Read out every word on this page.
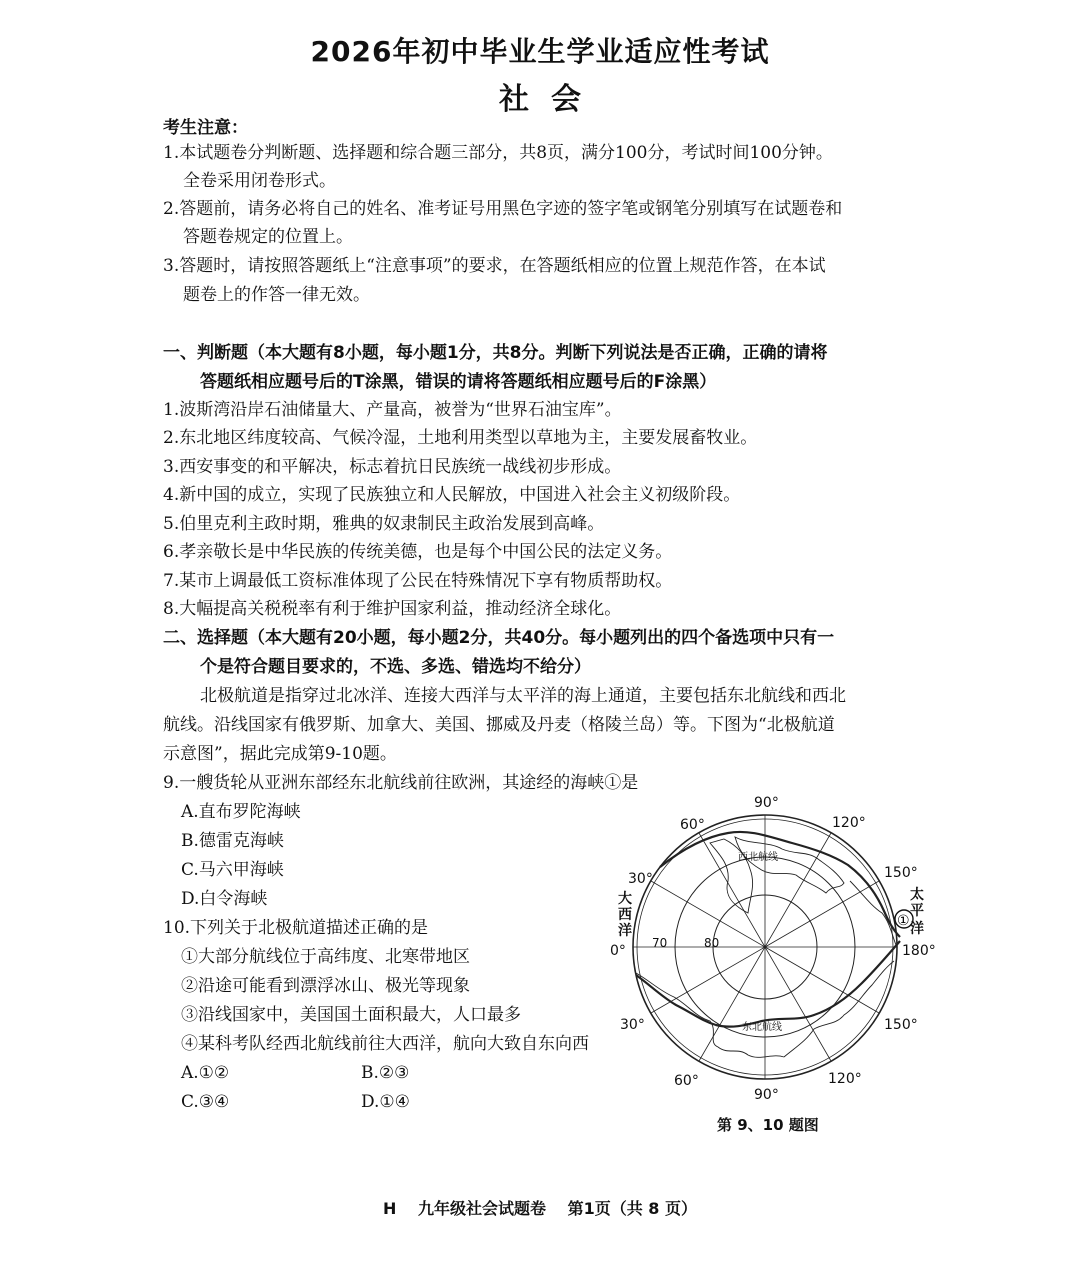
2026年初中毕业生学业适应性考试
社会
考生注意：
1.本试题卷分判断题、选择题和综合题三部分，共8页，满分100分，考试时间100分钟。
全卷采用闭卷形式。
2.答题前，请务必将自己的姓名、准考证号用黑色字迹的签字笔或钢笔分别填写在试题卷和
答题卷规定的位置上。
3.答题时，请按照答题纸上“注意事项”的要求，在答题纸相应的位置上规范作答，在本试
题卷上的作答一律无效。
一、判断题（本大题有8小题，每小题1分，共8分。判断下列说法是否正确，正确的请将
答题纸相应题号后的T涂黑，错误的请将答题纸相应题号后的F涂黑）
1.波斯湾沿岸石油储量大、产量高，被誉为“世界石油宝库”。
2.东北地区纬度较高、气候冷湿，土地利用类型以草地为主，主要发展畜牧业。
3.西安事变的和平解决，标志着抗日民族统一战线初步形成。
4.新中国的成立，实现了民族独立和人民解放，中国进入社会主义初级阶段。
5.伯里克利主政时期，雅典的奴隶制民主政治发展到高峰。
6.孝亲敬长是中华民族的传统美德，也是每个中国公民的法定义务。
7.某市上调最低工资标准体现了公民在特殊情况下享有物质帮助权。
8.大幅提高关税税率有利于维护国家利益，推动经济全球化。
二、选择题（本大题有20小题，每小题2分，共40分。每小题列出的四个备选项中只有一
个是符合题目要求的，不选、多选、错选均不给分）
北极航道是指穿过北冰洋、连接大西洋与太平洋的海上通道，主要包括东北航线和西北
航线。沿线国家有俄罗斯、加拿大、美国、挪威及丹麦（格陵兰岛）等。下图为“北极航道
示意图”，据此完成第9-10题。
9.一艘货轮从亚洲东部经东北航线前往欧洲，其途经的海峡①是
A.直布罗陀海峡
B.德雷克海峡
C.马六甲海峡
D.白令海峡
10.下列关于北极航道描述正确的是
①大部分航线位于高纬度、北寒带地区
②沿途可能看到漂浮冰山、极光等现象
③沿线国家中，美国国土面积最大，人口最多
④某科考队经西北航线前往大西洋，航向大致自东向西
A.①②	B.②③
C.③④	D.①④
①
90°
60°	120°
30°	150°
0°	180°
30°	150°
60°	120°
90°
70	80
西北航线
东北航线
大
西
洋
太
平
洋
第 9、10 题图
H 九年级社会试题卷 第1页（共 8 页）
